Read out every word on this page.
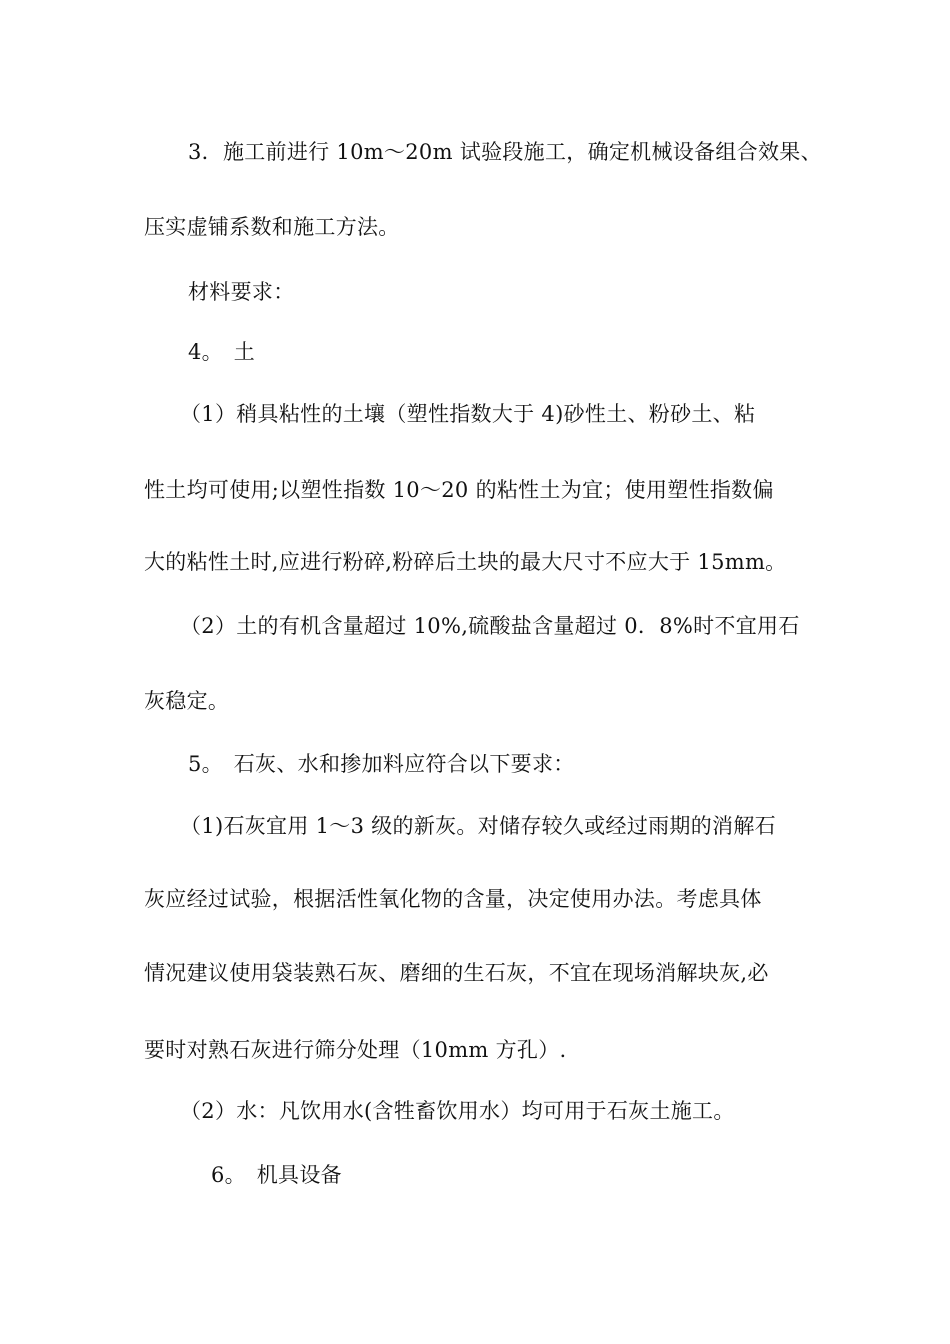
3．施工前进行 10m～20m 试验段施工，确定机械设备组合效果、
压实虚铺系数和施工方法。
材料要求：
4。　土
（1）稍具粘性的土壤（塑性指数大于 4)砂性土、粉砂土、粘
性土均可使用;以塑性指数 10～20 的粘性土为宜；使用塑性指数偏
大的粘性土时,应进行粉碎,粉碎后土块的最大尺寸不应大于 15mm。
（2）土的有机含量超过 10%,硫酸盐含量超过 0．8%时不宜用石
灰稳定。
5。　石灰、水和掺加料应符合以下要求：
（1)石灰宜用 1～3 级的新灰。对储存较久或经过雨期的消解石
灰应经过试验，根据活性氧化物的含量，决定使用办法。考虑具体
情况建议使用袋装熟石灰、磨细的生石灰，不宜在现场消解块灰,必
要时对熟石灰进行筛分处理（10mm 方孔）.
（2）水：凡饮用水(含牲畜饮用水）均可用于石灰土施工。
6。　机具设备
